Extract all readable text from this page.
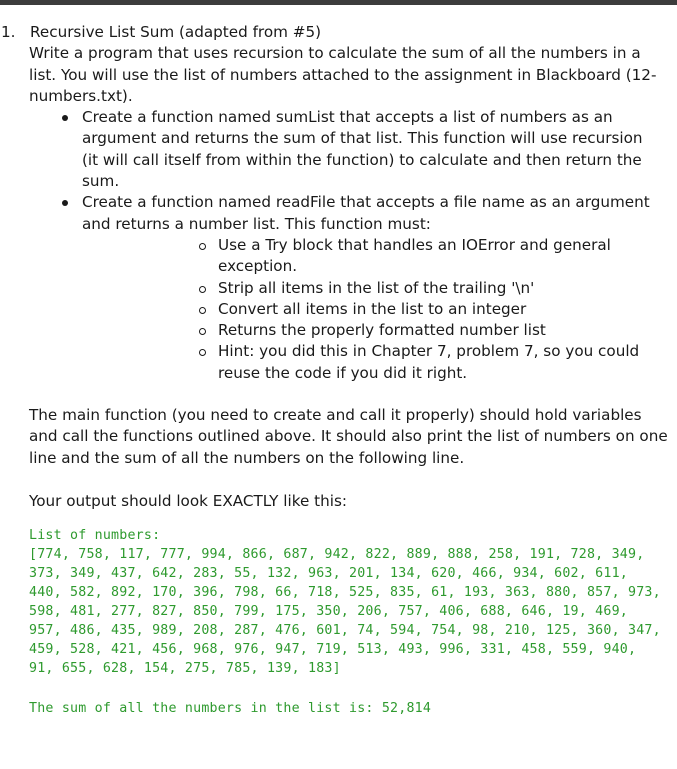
1. Recursive List Sum (adapted from #5)
Write a program that uses recursion to calculate the sum of all the numbers in a list. You will use the list of numbers attached to the assignment in Blackboard (12-numbers.txt).
Create a function named sumList that accepts a list of numbers as an argument and returns the sum of that list. This function will use recursion (it will call itself from within the function) to calculate and then return the sum.
Create a function named readFile that accepts a file name as an argument and returns a number list. This function must:
Use a Try block that handles an IOError and general exception.
Strip all items in the list of the trailing '\n'
Convert all items in the list to an integer
Returns the properly formatted number list
Hint: you did this in Chapter 7, problem 7, so you could reuse the code if you did it right.
The main function (you need to create and call it properly) should hold variables and call the functions outlined above. It should also print the list of numbers on one line and the sum of all the numbers on the following line.
Your output should look EXACTLY like this:
List of numbers:
[774, 758, 117, 777, 994, 866, 687, 942, 822, 889, 888, 258, 191, 728, 349, 373, 349, 437, 642, 283, 55, 132, 963, 201, 134, 620, 466, 934, 602, 611, 440, 582, 892, 170, 396, 798, 66, 718, 525, 835, 61, 193, 363, 880, 857, 973, 598, 481, 277, 827, 850, 799, 175, 350, 206, 757, 406, 688, 646, 19, 469, 957, 486, 435, 989, 208, 287, 476, 601, 74, 594, 754, 98, 210, 125, 360, 347, 459, 528, 421, 456, 968, 976, 947, 719, 513, 493, 996, 331, 458, 559, 940, 91, 655, 628, 154, 275, 785, 139, 183]
The sum of all the numbers in the list is: 52,814
